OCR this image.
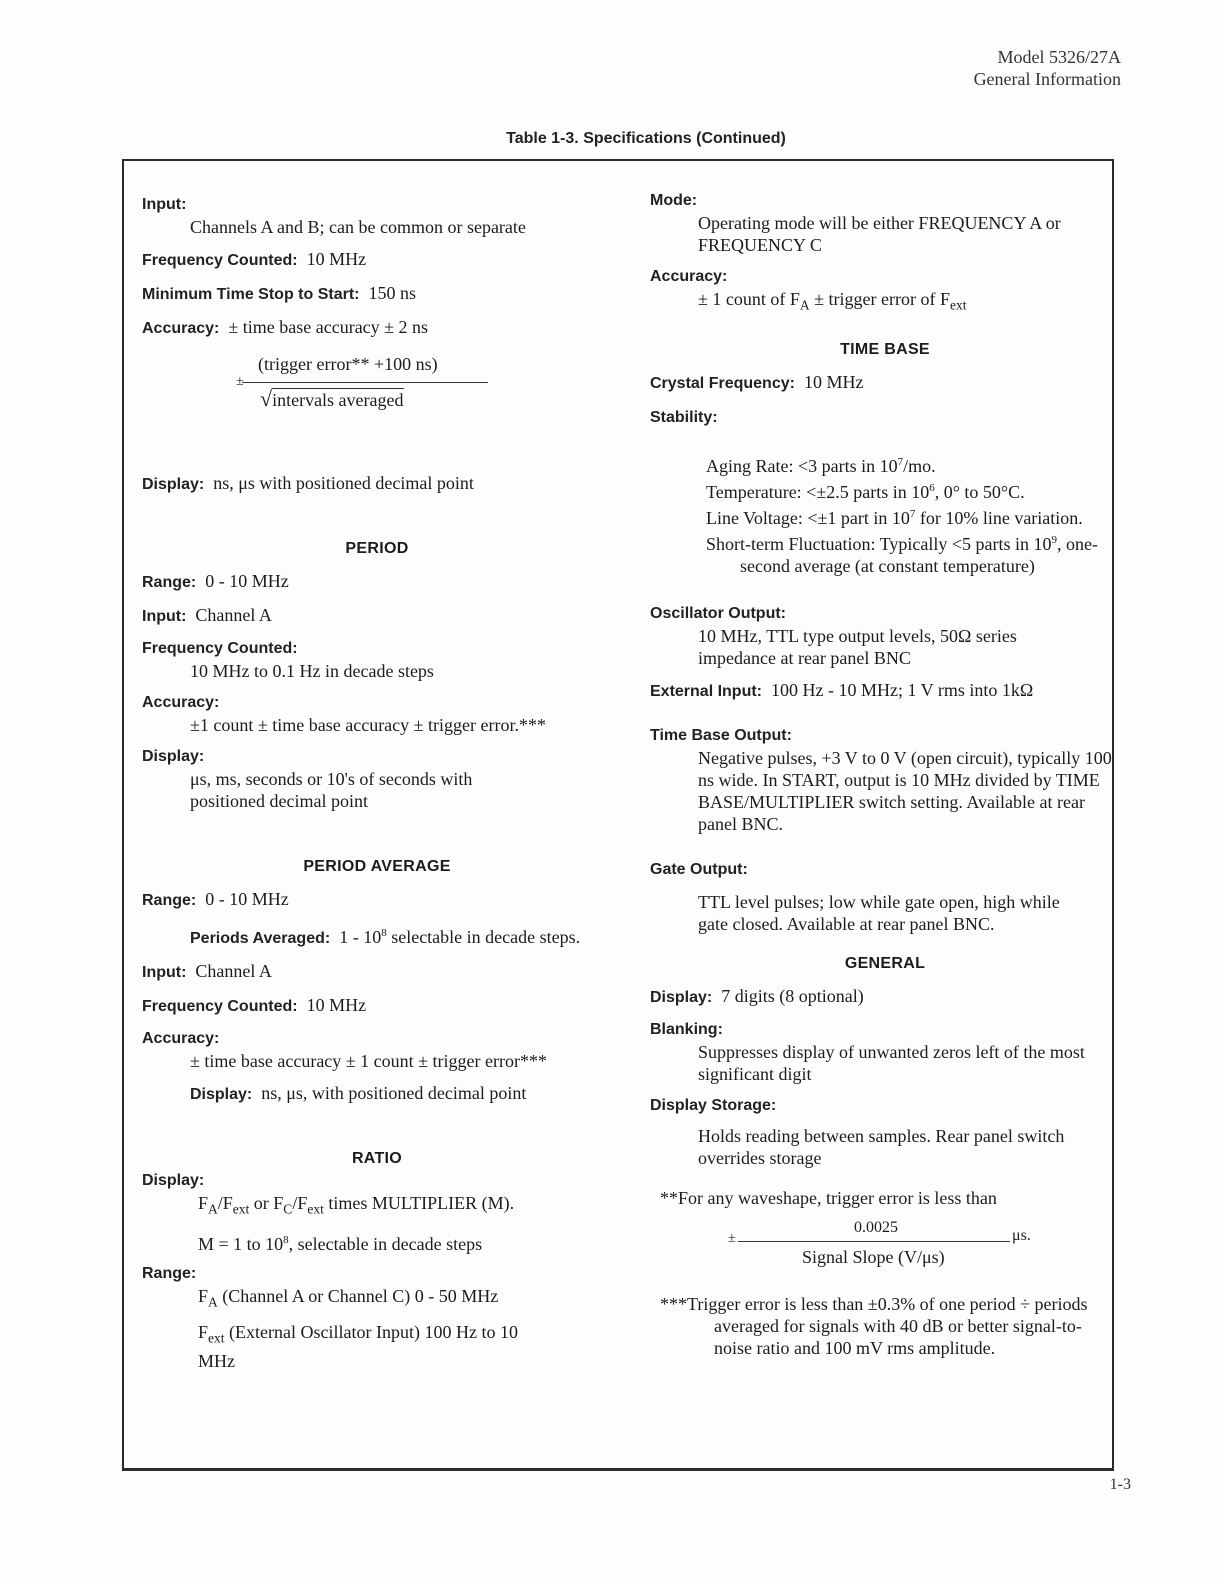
Model 5326/27A
General Information
Table 1-3. Specifications (Continued)
Input:
Channels A and B; can be common or separate
Frequency Counted: 10 MHz
Minimum Time Stop to Start: 150 ns
Accuracy: ± time base accuracy ± 2 ns
±
(trigger error** +100 ns)
√intervals averaged
Display: ns, μs with positioned decimal point
PERIOD
Range: 0 - 10 MHz
Input: Channel A
Frequency Counted:
10 MHz to 0.1 Hz in decade steps
Accuracy:
±1 count ± time base accuracy ± trigger error.***
Display:
μs, ms, seconds or 10's of seconds with positioned decimal point
PERIOD AVERAGE
Range: 0 - 10 MHz
Periods Averaged: $1 - 10^8$ selectable in decade steps.
Input: Channel A
Frequency Counted: 10 MHz
Accuracy:
± time base accuracy ± 1 count ± trigger error***
Display: ns, μs, with positioned decimal point
RATIO
Display:
$F_A/F_{ext}$ or $F_C/F_{ext}$ times MULTIPLIER (M).
M = 1 to $10^8$, selectable in decade steps
Range:
$F_A$ (Channel A or Channel C) 0 - 50 MHz
$F_{ext}$ (External Oscillator Input) 100 Hz to 10 MHz
Mode:
Operating mode will be either FREQUENCY A or FREQUENCY C
Accuracy:
± 1 count of $F_A$ ± trigger error of $F_{ext}$
TIME BASE
Crystal Frequency: 10 MHz
Stability:
Aging Rate: <3 parts in $10^7/mo$.
Temperature: <±2.5 parts in $10^6$, 0° to 50°C.
Line Voltage: <±1 part in $10^7$ for 10% line variation.
Short-term Fluctuation: Typically <5 parts in $10^9$, one-second average (at constant temperature)
Oscillator Output:
10 MHz, TTL type output levels, 50Ω series impedance at rear panel BNC
External Input: 100 Hz - 10 MHz; 1 V rms into 1kΩ
Time Base Output:
Negative pulses, +3 V to 0 V (open circuit), typically 100 ns wide. In START, output is 10 MHz divided by TIME BASE/MULTIPLIER switch setting. Available at rear panel BNC.
Gate Output:
TTL level pulses; low while gate open, high while gate closed. Available at rear panel BNC.
GENERAL
Display: 7 digits (8 optional)
Blanking:
Suppresses display of unwanted zeros left of the most significant digit
Display Storage:
Holds reading between samples. Rear panel switch overrides storage
**For any waveshape, trigger error is less than
±
0.0025	μs.
Signal Slope (V/μs)
***Trigger error is less than ±0.3% of one period ÷ periods averaged for signals with 40 dB or better signal-to-noise ratio and 100 mV rms amplitude.
1-3
